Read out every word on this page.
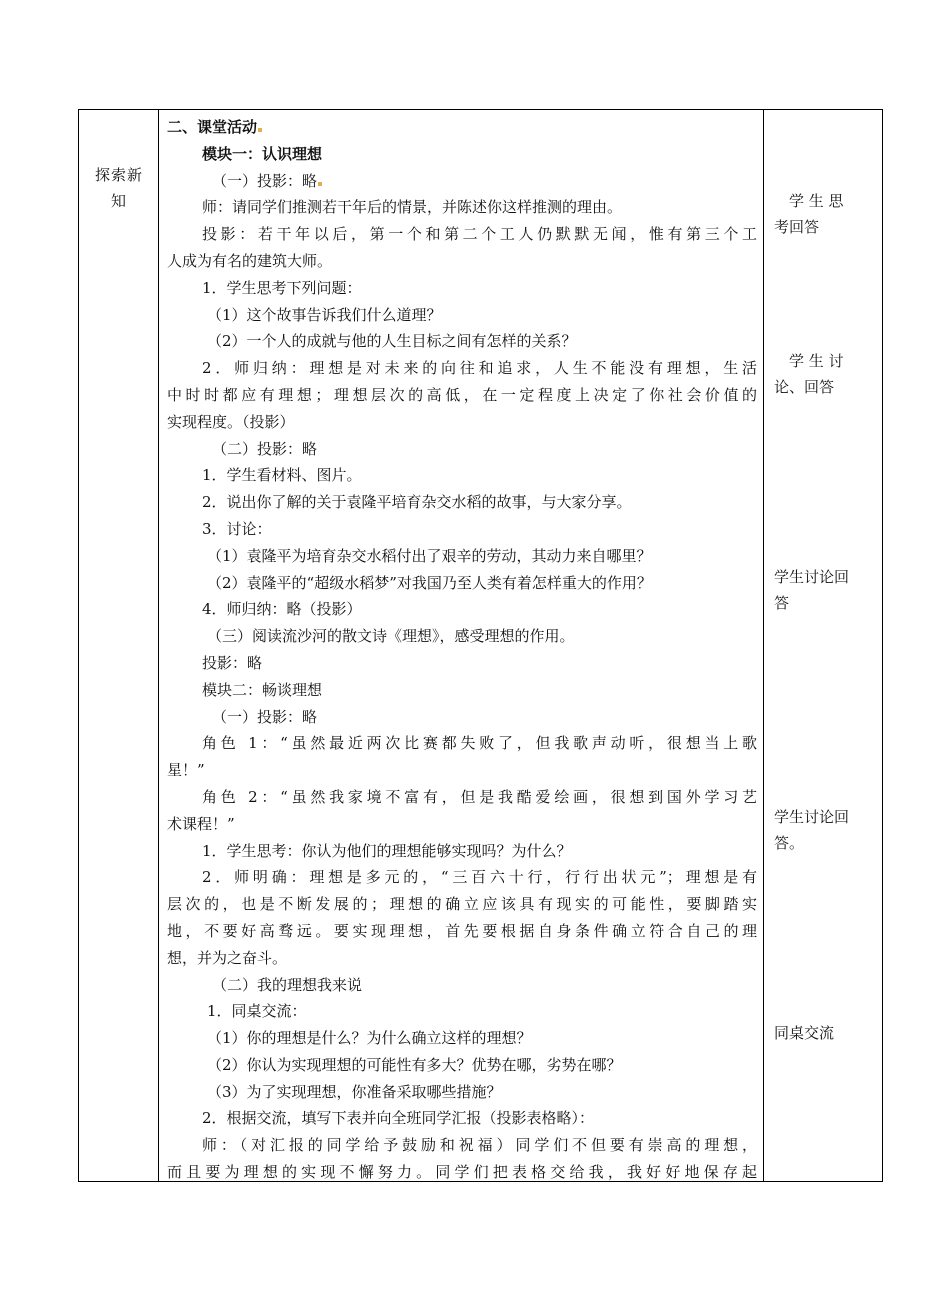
探索新
知
二、课堂活动
模块一：认识理想
（一）投影：略
师：请同学们推测若干年后的情景，并陈述你这样推测的理由。
投影：若干年以后，第一个和第二个工人仍默默无闻，惟有第三个工
人成为有名的建筑大师。
1．学生思考下列问题：
（1）这个故事告诉我们什么道理？
（2）一个人的成就与他的人生目标之间有怎样的关系？
2．师归纳：理想是对未来的向往和追求，人生不能没有理想，生活
中时时都应有理想；理想层次的高低，在一定程度上决定了你社会价值的
实现程度。（投影）
（二）投影：略
1．学生看材料、图片。
2．说出你了解的关于袁隆平培育杂交水稻的故事，与大家分享。
3．讨论：
（1）袁隆平为培育杂交水稻付出了艰辛的劳动，其动力来自哪里？
（2）袁隆平的“超级水稻梦”对我国乃至人类有着怎样重大的作用？
4．师归纳：略（投影）
（三）阅读流沙河的散文诗《理想》，感受理想的作用。
投影：略
模块二：畅谈理想
（一）投影：略
角色 1：“虽然最近两次比赛都失败了，但我歌声动听，很想当上歌
星！”
角色 2：“虽然我家境不富有，但是我酷爱绘画，很想到国外学习艺
术课程！”
1．学生思考：你认为他们的理想能够实现吗？为什么？
2．师明确：理想是多元的，“三百六十行，行行出状元”；理想是有
层次的，也是不断发展的；理想的确立应该具有现实的可能性，要脚踏实
地，不要好高骛远。要实现理想，首先要根据自身条件确立符合自己的理
想，并为之奋斗。
（二）我的理想我来说
1．同桌交流：
（1）你的理想是什么？为什么确立这样的理想？
（2）你认为实现理想的可能性有多大？优势在哪，劣势在哪？
（3）为了实现理想，你准备采取哪些措施？
2．根据交流，填写下表并向全班同学汇报（投影表格略）：
师：（对汇报的同学给予鼓励和祝福）同学们不但要有崇高的理想，
而且要为理想的实现不懈努力。同学们把表格交给我，我好好地保存起
　学 生 思
考回答
　学 生 讨
论、回答
学生讨论回
答
学生讨论回
答。
同桌交流
